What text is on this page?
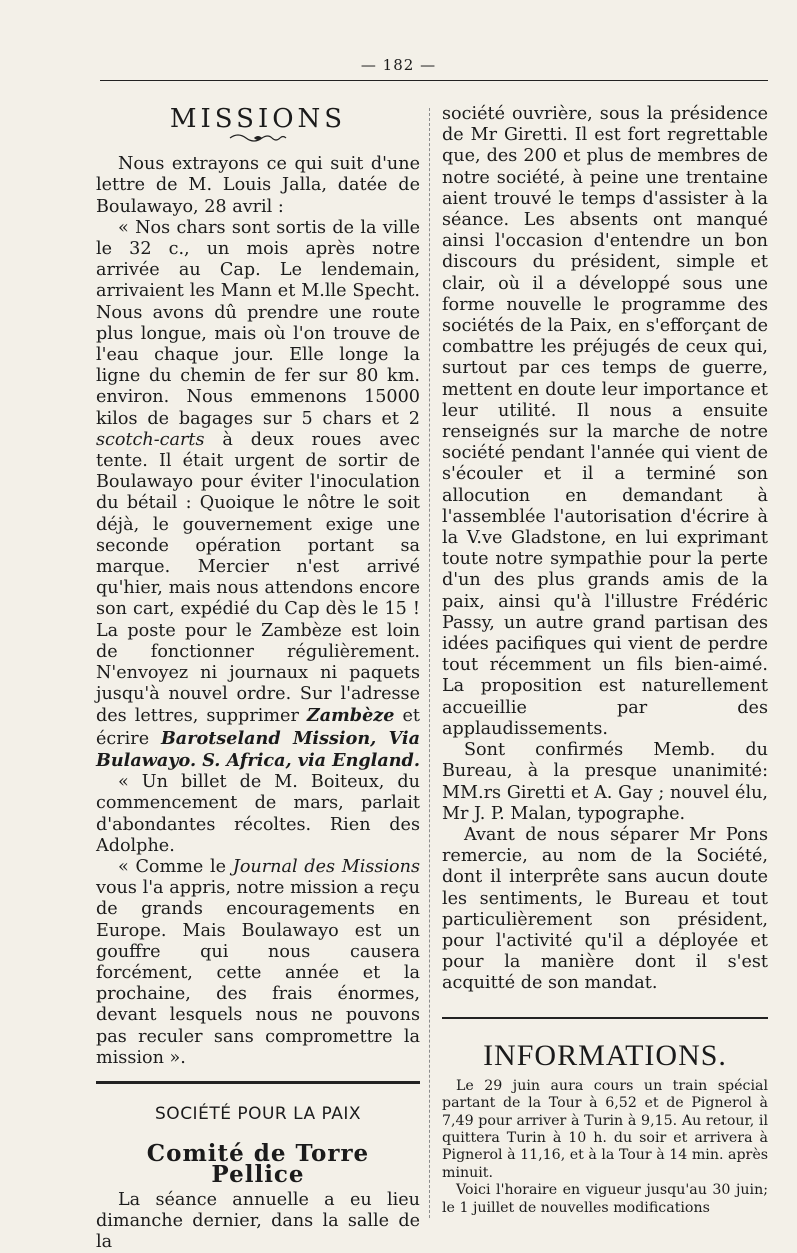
— 182 —
MISSIONS

Nous extrayons ce qui suit d'une lettre de M. Louis Jalla, datée de Boulawayo, 28 avril :

« Nos chars sont sortis de la ville le 32 c., un mois après notre arrivée au Cap. Le lendemain, arrivaient les Mann et M.lle Specht. Nous avons dû prendre une route plus longue, mais où l'on trouve de l'eau chaque jour. Elle longe la ligne du chemin de fer sur 80 km. environ. Nous emmenons 15000 kilos de bagages sur 5 chars et 2 scotch-carts à deux roues avec tente. Il était urgent de sortir de Boulawayo pour éviter l'inoculation du bétail : Quoique le nôtre le soit déjà, le gouvernement exige une seconde opération portant sa marque. Mercier n'est arrivé qu'hier, mais nous attendons encore son cart, expédié du Cap dès le 15 ! La poste pour le Zambèze est loin de fonctionner régulièrement. N'envoyez ni journaux ni paquets jusqu'à nouvel ordre. Sur l'adresse des lettres, supprimer Zambèze et écrire Barotseland Mission, Via Bulawayo. S. Africa, via England.

« Un billet de M. Boiteux, du commencement de mars, parlait d'abondantes récoltes. Rien des Adolphe.

« Comme le Journal des Missions vous l'a appris, notre mission a reçu de grands encouragements en Europe. Mais Boulawayo est un gouffre qui nous causera forcément, cette année et la prochaine, des frais énormes, devant lesquels nous ne pouvons pas reculer sans compromettre la mission ».

SOCIÉTÉ POUR LA PAIX
Comité de Torre Pellice

La séance annuelle a eu lieu dimanche dernier, dans la salle de la

société ouvrière, sous la présidence de Mr Giretti. Il est fort regrettable que, des 200 et plus de membres de notre société, à peine une trentaine aient trouvé le temps d'assister à la séance. Les absents ont manqué ainsi l'occasion d'entendre un bon discours du président, simple et clair, où il a développé sous une forme nouvelle le programme des sociétés de la Paix, en s'efforçant de combattre les préjugés de ceux qui, surtout par ces temps de guerre, mettent en doute leur importance et leur utilité. Il nous a ensuite renseignés sur la marche de notre société pendant l'année qui vient de s'écouler et il a terminé son allocution en demandant à l'assemblée l'autorisation d'écrire à la V.ve Gladstone, en lui exprimant toute notre sympathie pour la perte d'un des plus grands amis de la paix, ainsi qu'à l'illustre Frédéric Passy, un autre grand partisan des idées pacifiques qui vient de perdre tout récemment un fils bien-aimé. La proposition est naturellement accueillie par des applaudissements.

Sont confirmés Memb. du Bureau, à la presque unanimité: MM.rs Giretti et A. Gay ; nouvel élu, Mr J. P. Malan, typographe.

Avant de nous séparer Mr Pons remercie, au nom de la Société, dont il interprête sans aucun doute les sentiments, le Bureau et tout particulièrement son président, pour l'activité qu'il a déployée et pour la manière dont il s'est acquitté de son mandat.

INFORMATIONS.

Le 29 juin aura cours un train spécial partant de la Tour à 6,52 et de Pignerol à 7,49 pour arriver à Turin à 9,15. Au retour, il quittera Turin à 10 h. du soir et arrivera à Pignerol à 11,16, et à la Tour à 14 min. après minuit.

Voici l'horaire en vigueur jusqu'au 30 juin; le 1 juillet de nouvelles modifications
